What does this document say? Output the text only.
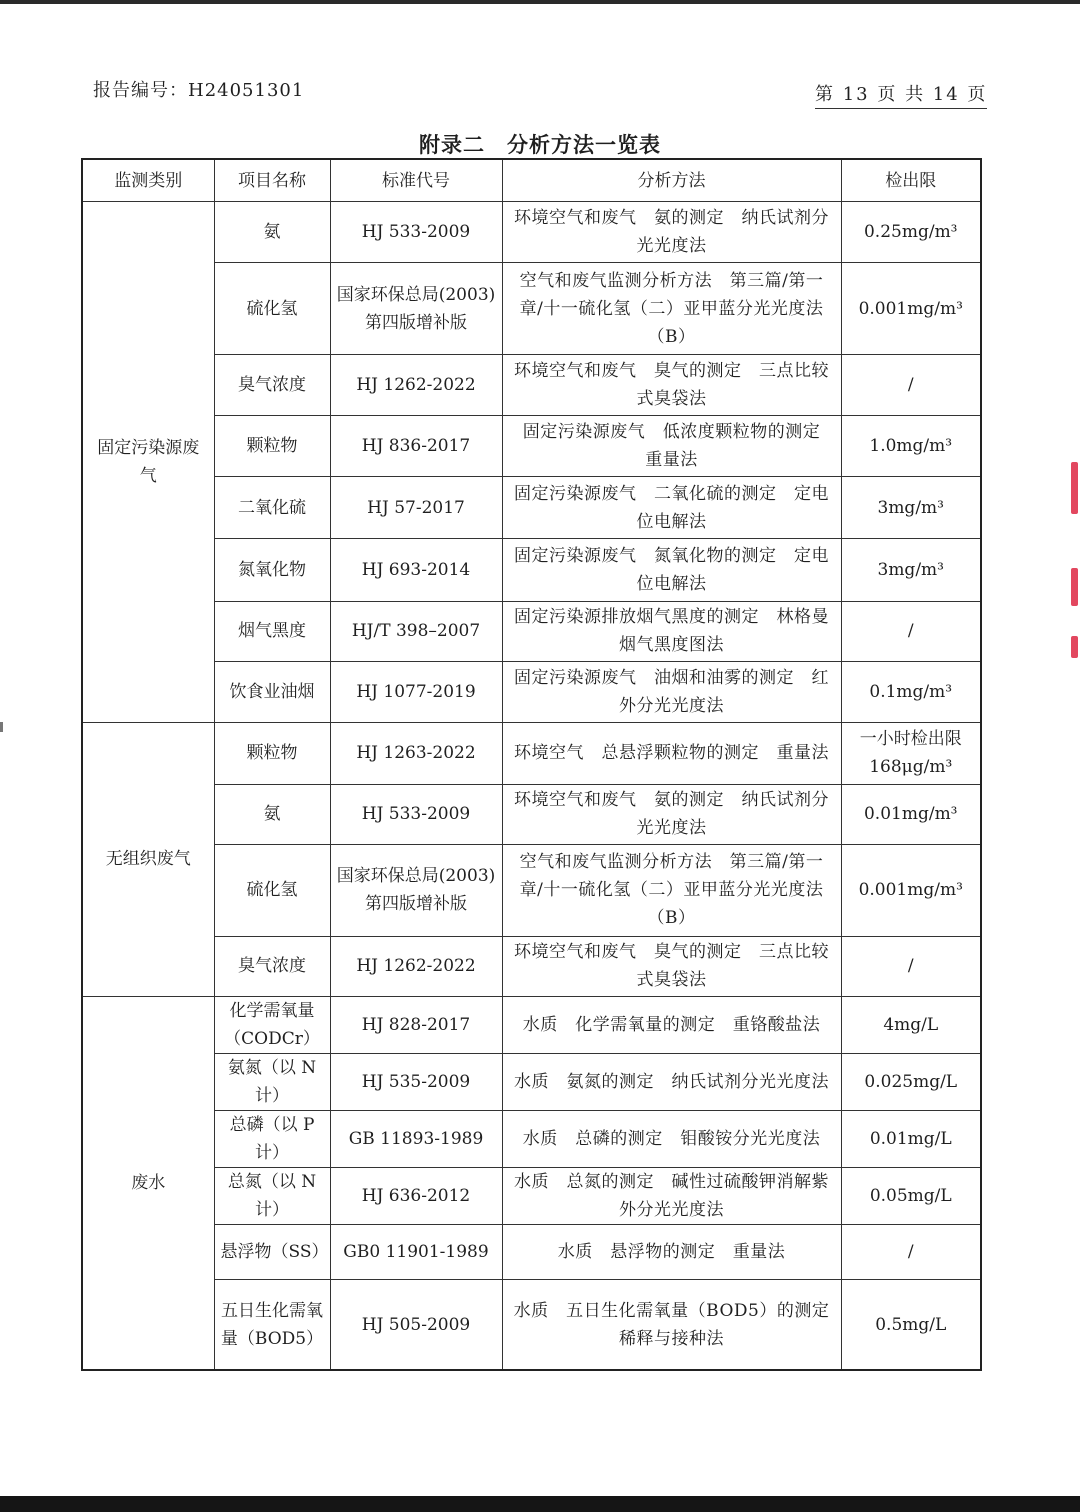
报告编号：H24051301	第 13 页 共 14 页
附录二　分析方法一览表
监测类别	项目名称	标准代号	分析方法	检出限
固定污染源废气	氨	HJ 533-2009	环境空气和废气　氨的测定　纳氏试剂分光光度法	0.25mg/m³
	硫化氢	国家环保总局(2003)第四版增补版	空气和废气监测分析方法　第三篇/第一章/十一硫化氢（二）亚甲蓝分光光度法（B）	0.001mg/m³
	臭气浓度	HJ 1262-2022	环境空气和废气　臭气的测定　三点比较式臭袋法	/
	颗粒物	HJ 836-2017	固定污染源废气　低浓度颗粒物的测定　重量法	1.0mg/m³
	二氧化硫	HJ 57-2017	固定污染源废气　二氧化硫的测定　定电位电解法	3mg/m³
	氮氧化物	HJ 693-2014	固定污染源废气　氮氧化物的测定　定电位电解法	3mg/m³
	烟气黑度	HJ/T 398–2007	固定污染源排放烟气黑度的测定　林格曼烟气黑度图法	/
	饮食业油烟	HJ 1077-2019	固定污染源废气　油烟和油雾的测定　红外分光光度法	0.1mg/m³
无组织废气	颗粒物	HJ 1263-2022	环境空气　总悬浮颗粒物的测定　重量法	一小时检出限168μg/m³
	氨	HJ 533-2009	环境空气和废气　氨的测定　纳氏试剂分光光度法	0.01mg/m³
	硫化氢	国家环保总局(2003)第四版增补版	空气和废气监测分析方法　第三篇/第一章/十一硫化氢（二）亚甲蓝分光光度法（B）	0.001mg/m³
	臭气浓度	HJ 1262-2022	环境空气和废气　臭气的测定　三点比较式臭袋法	/
废水	化学需氧量（CODCr）	HJ 828-2017	水质　化学需氧量的测定　重铬酸盐法	4mg/L
	氨氮（以 N 计）	HJ 535-2009	水质　氨氮的测定　纳氏试剂分光光度法	0.025mg/L
	总磷（以 P 计）	GB 11893-1989	水质　总磷的测定　钼酸铵分光光度法	0.01mg/L
	总氮（以 N 计）	HJ 636-2012	水质　总氮的测定　碱性过硫酸钾消解紫外分光光度法	0.05mg/L
	悬浮物（SS）	GB0 11901-1989	水质　悬浮物的测定　重量法	/
	五日生化需氧量（BOD5）	HJ 505-2009	水质　五日生化需氧量（BOD5）的测定　稀释与接种法	0.5mg/L
